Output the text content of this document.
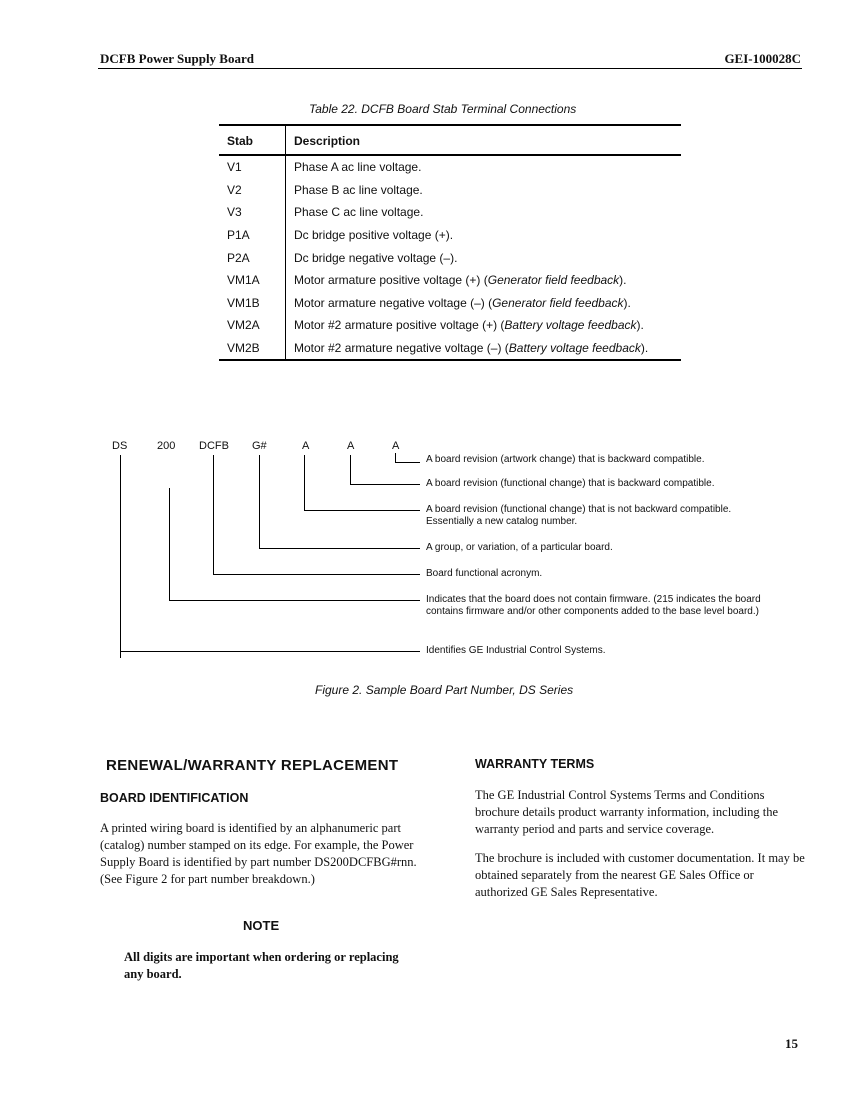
DCFB Power Supply Board	GEI-100028C
Table 22. DCFB Board Stab Terminal Connections
Stab	Description
V1	Phase A ac line voltage.
V2	Phase B ac line voltage.
V3	Phase C ac line voltage.
P1A	Dc bridge positive voltage (+).
P2A	Dc bridge negative voltage (–).
VM1A	Motor armature positive voltage (+) (Generator field feedback).
VM1B	Motor armature negative voltage (–) (Generator field feedback).
VM2A	Motor #2 armature positive voltage (+) (Battery voltage feedback).
VM2B	Motor #2 armature negative voltage (–) (Battery voltage feedback).
DS	200 DCFB G#	A	A	A
A board revision (artwork change) that is backward compatible.
A board revision (functional change) that is backward compatible.
A board revision (functional change) that is not backward compatible. Essentially a new catalog number.
A group, or variation, of a particular board.
Board functional acronym.
Indicates that the board does not contain firmware. (215 indicates the board contains firmware and/or other components added to the base level board.)
Identifies GE Industrial Control Systems.
Figure 2. Sample Board Part Number, DS Series
RENEWAL/WARRANTY REPLACEMENT
BOARD IDENTIFICATION
A printed wiring board is identified by an alphanumeric part (catalog) number stamped on its edge. For example, the Power Supply Board is identified by part number DS200DCFBG#rnn. (See Figure 2 for part number breakdown.)
NOTE
All digits are important when ordering or replacing any board.
WARRANTY TERMS
The GE Industrial Control Systems Terms and Conditions brochure details product warranty information, including the warranty period and parts and service coverage.
The brochure is included with customer documentation. It may be obtained separately from the nearest GE Sales Office or authorized GE Sales Representative.
15
